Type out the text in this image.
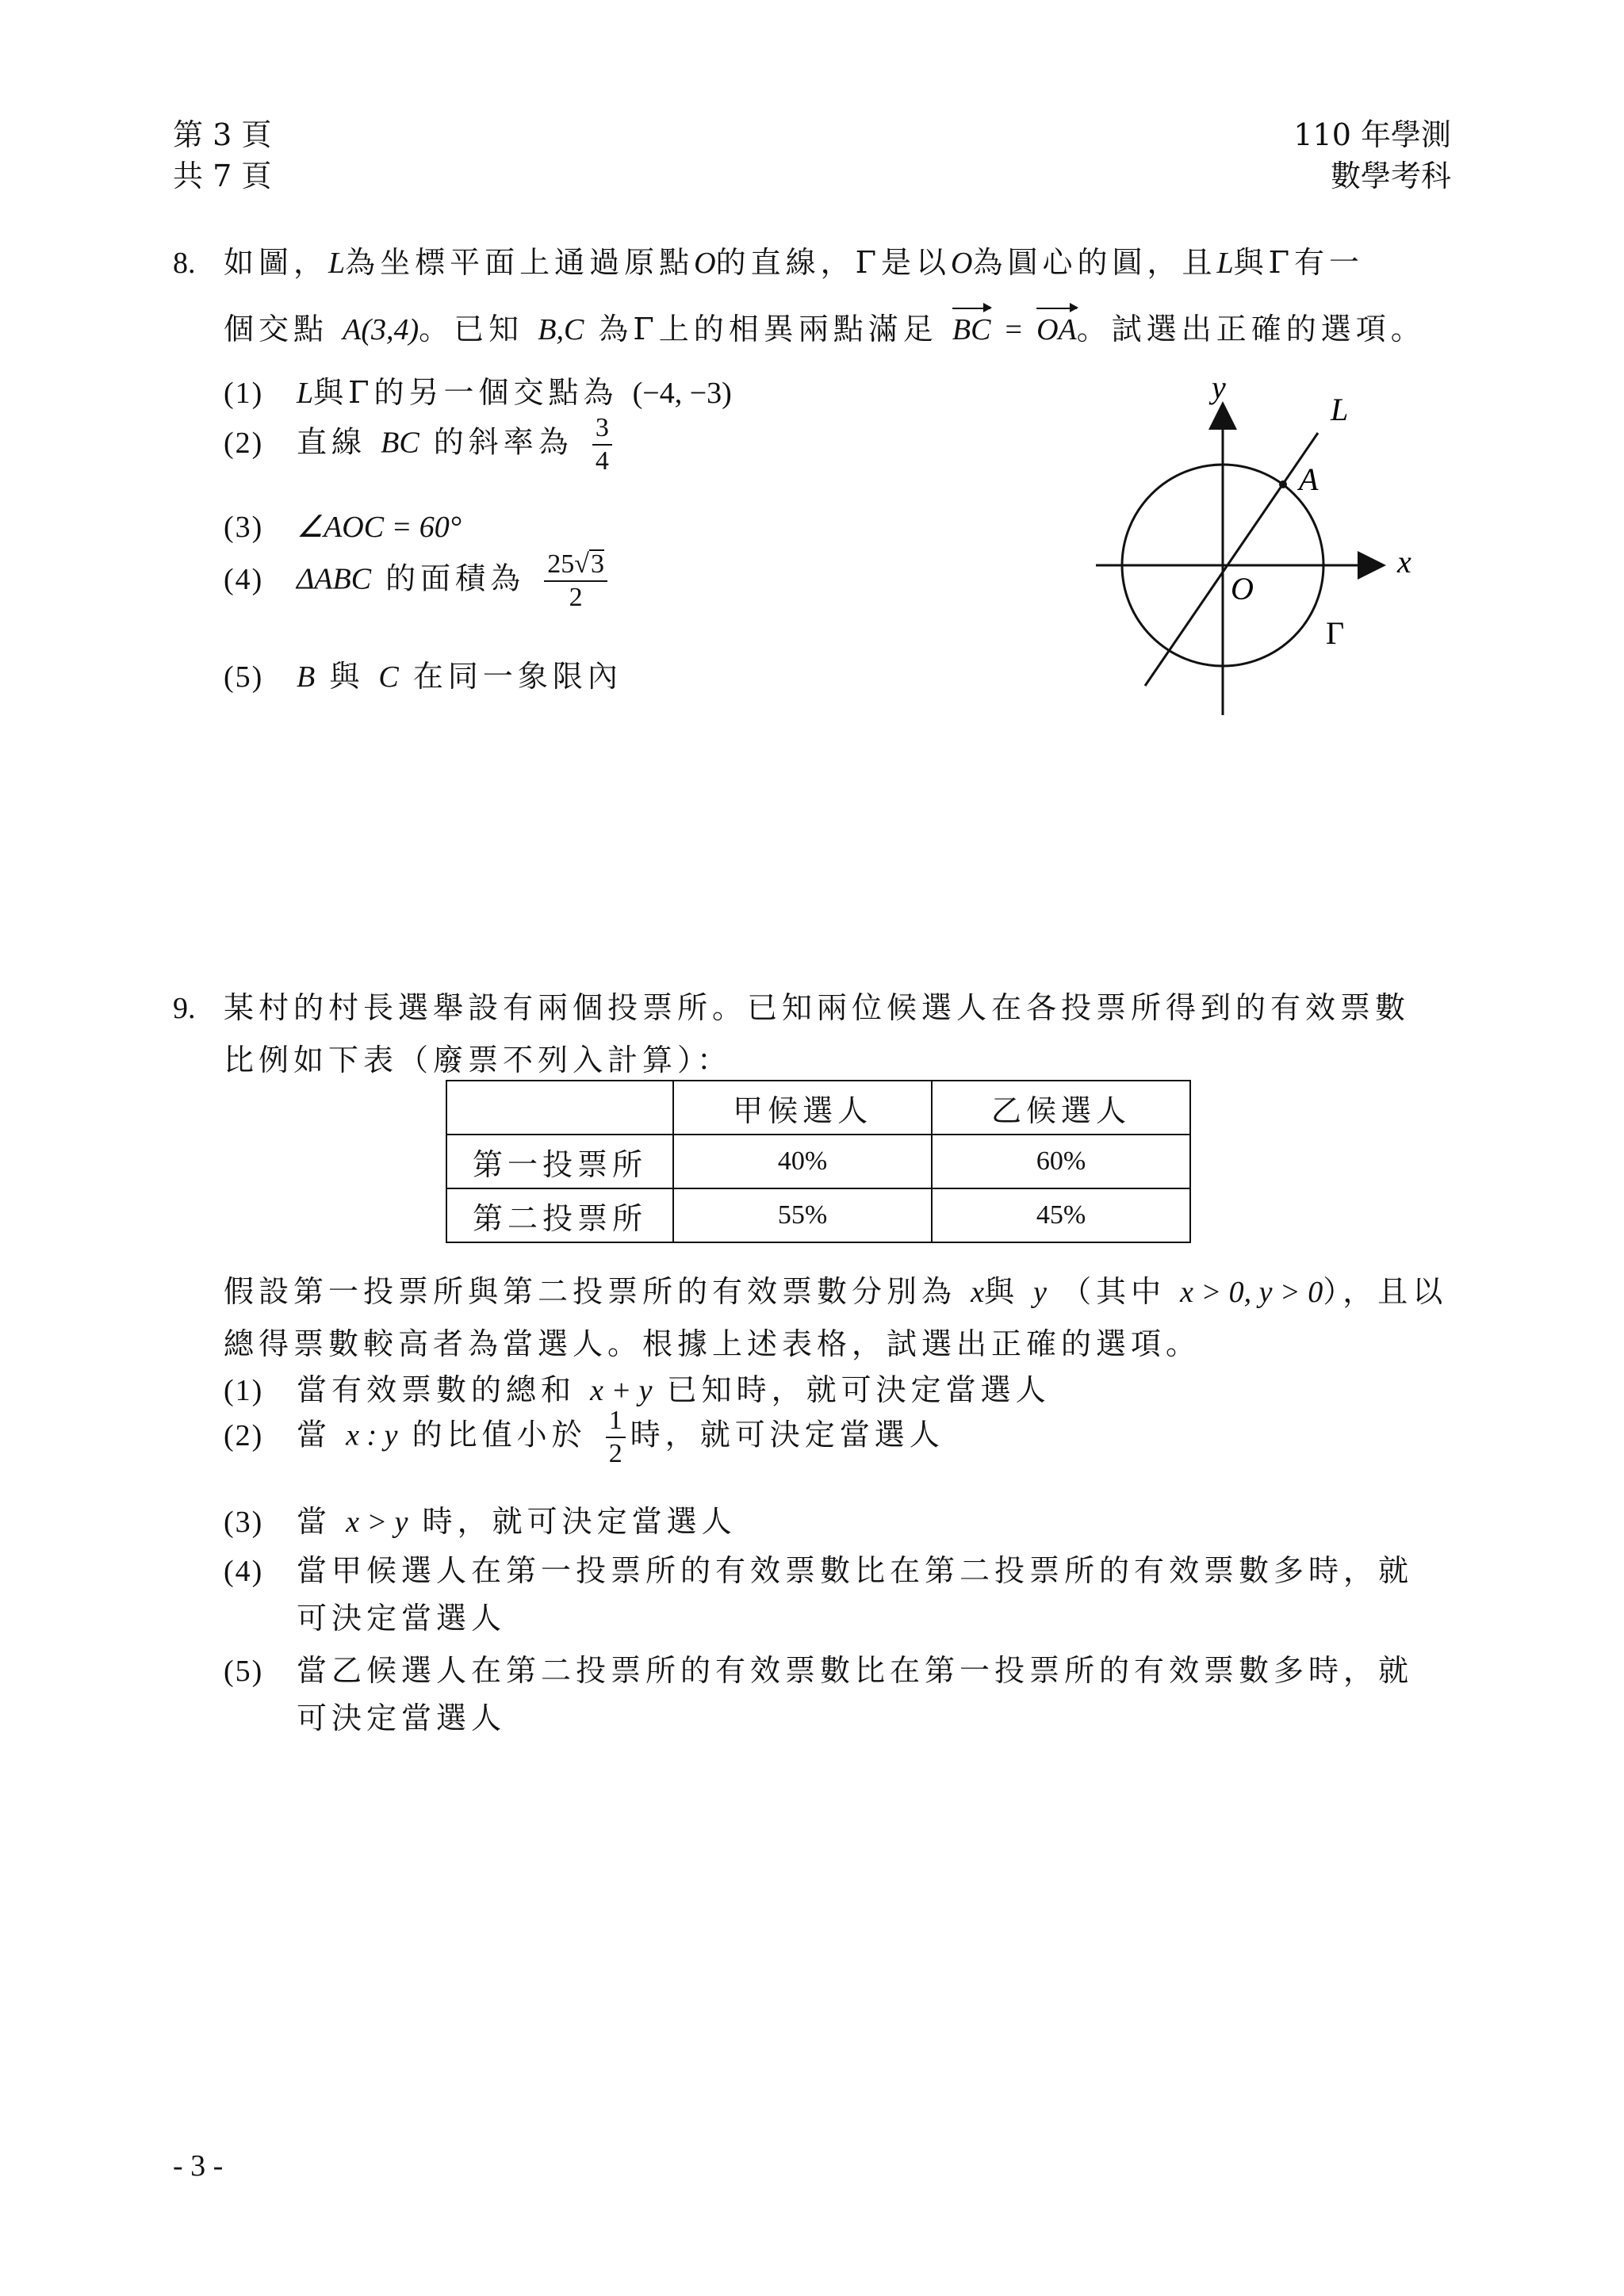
第 3 頁
共 7 頁
110 年學測
數學考科
8. 如圖，L為坐標平面上通過原點O的直線，Γ是以O為圓心的圓，且L與Γ有一
個交點 A(3,4)。已知 B,C 為Γ上的相異兩點滿足 BC = OA。試選出正確的選項。
(1) L與Γ的另一個交點為 (−4, −3)
(2) 直線 BC 的斜率為 $\frac{3}{4}$
(3) ∠AOC = 60°
(4) ΔABC 的面積為 $\frac{25√3}{2}$
(5) B 與 C 在同一象限內
y
x
L
A
O
Γ
9. 某村的村長選舉設有兩個投票所。已知兩位候選人在各投票所得到的有效票數
比例如下表（廢票不列入計算）：
	甲候選人	乙候選人
第一投票所	40%	60%
第二投票所	55%	45%
假設第一投票所與第二投票所的有效票數分別為 x與 y （其中 x > 0, y > 0），且以
總得票數較高者為當選人。根據上述表格，試選出正確的選項。
(1) 當有效票數的總和 x + y 已知時，就可決定當選人
(2) 當 x : y 的比值小於 $\frac{1}{2}$ 時，就可決定當選人
(3) 當 x > y 時，就可決定當選人
(4) 當甲候選人在第一投票所的有效票數比在第二投票所的有效票數多時，就
可決定當選人
(5) 當乙候選人在第二投票所的有效票數比在第一投票所的有效票數多時，就
可決定當選人
- 3 -
